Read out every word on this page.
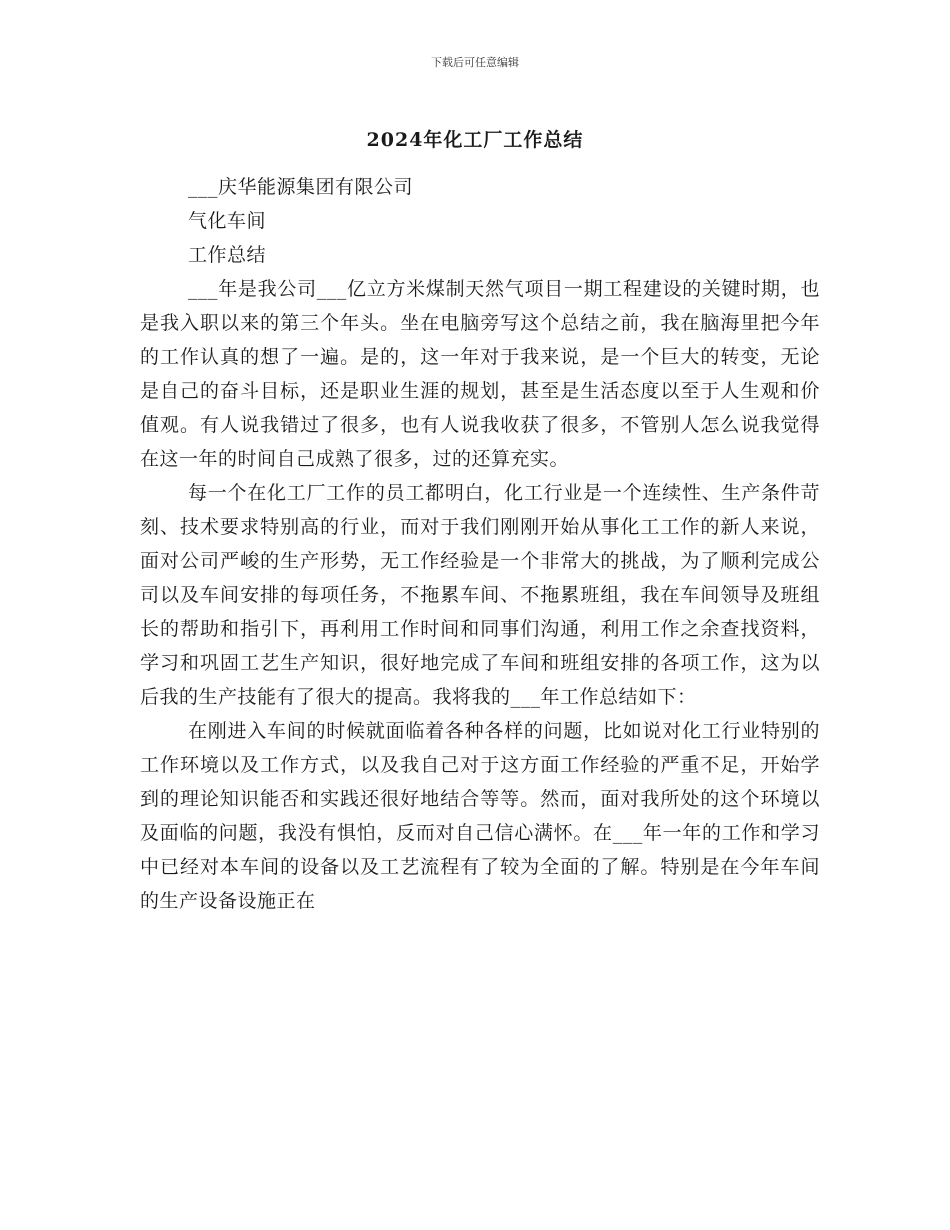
下载后可任意编辑
2024年化工厂工作总结

___庆华能源集团有限公司

气化车间

工作总结

___年是我公司___亿立方米煤制天然气项目一期工程建设的关键时期，也是我入职以来的第三个年头。坐在电脑旁写这个总结之前，我在脑海里把今年的工作认真的想了一遍。是的，这一年对于我来说，是一个巨大的转变，无论是自己的奋斗目标，还是职业生涯的规划，甚至是生活态度以至于人生观和价值观。有人说我错过了很多，也有人说我收获了很多，不管别人怎么说我觉得在这一年的时间自己成熟了很多，过的还算充实。

每一个在化工厂工作的员工都明白，化工行业是一个连续性、生产条件苛刻、技术要求特别高的行业，而对于我们刚刚开始从事化工工作的新人来说，面对公司严峻的生产形势，无工作经验是一个非常大的挑战，为了顺利完成公司以及车间安排的每项任务，不拖累车间、不拖累班组，我在车间领导及班组长的帮助和指引下，再利用工作时间和同事们沟通，利用工作之余查找资料，学习和巩固工艺生产知识，很好地完成了车间和班组安排的各项工作，这为以后我的生产技能有了很大的提高。我将我的___年工作总结如下：

在刚进入车间的时候就面临着各种各样的问题，比如说对化工行业特别的工作环境以及工作方式，以及我自己对于这方面工作经验的严重不足，开始学到的理论知识能否和实践还很好地结合等等。然而，面对我所处的这个环境以及面临的问题，我没有惧怕，反而对自己信心满怀。在___年一年的工作和学习中已经对本车间的设备以及工艺流程有了较为全面的了解。特别是在今年车间的生产设备设施正在
